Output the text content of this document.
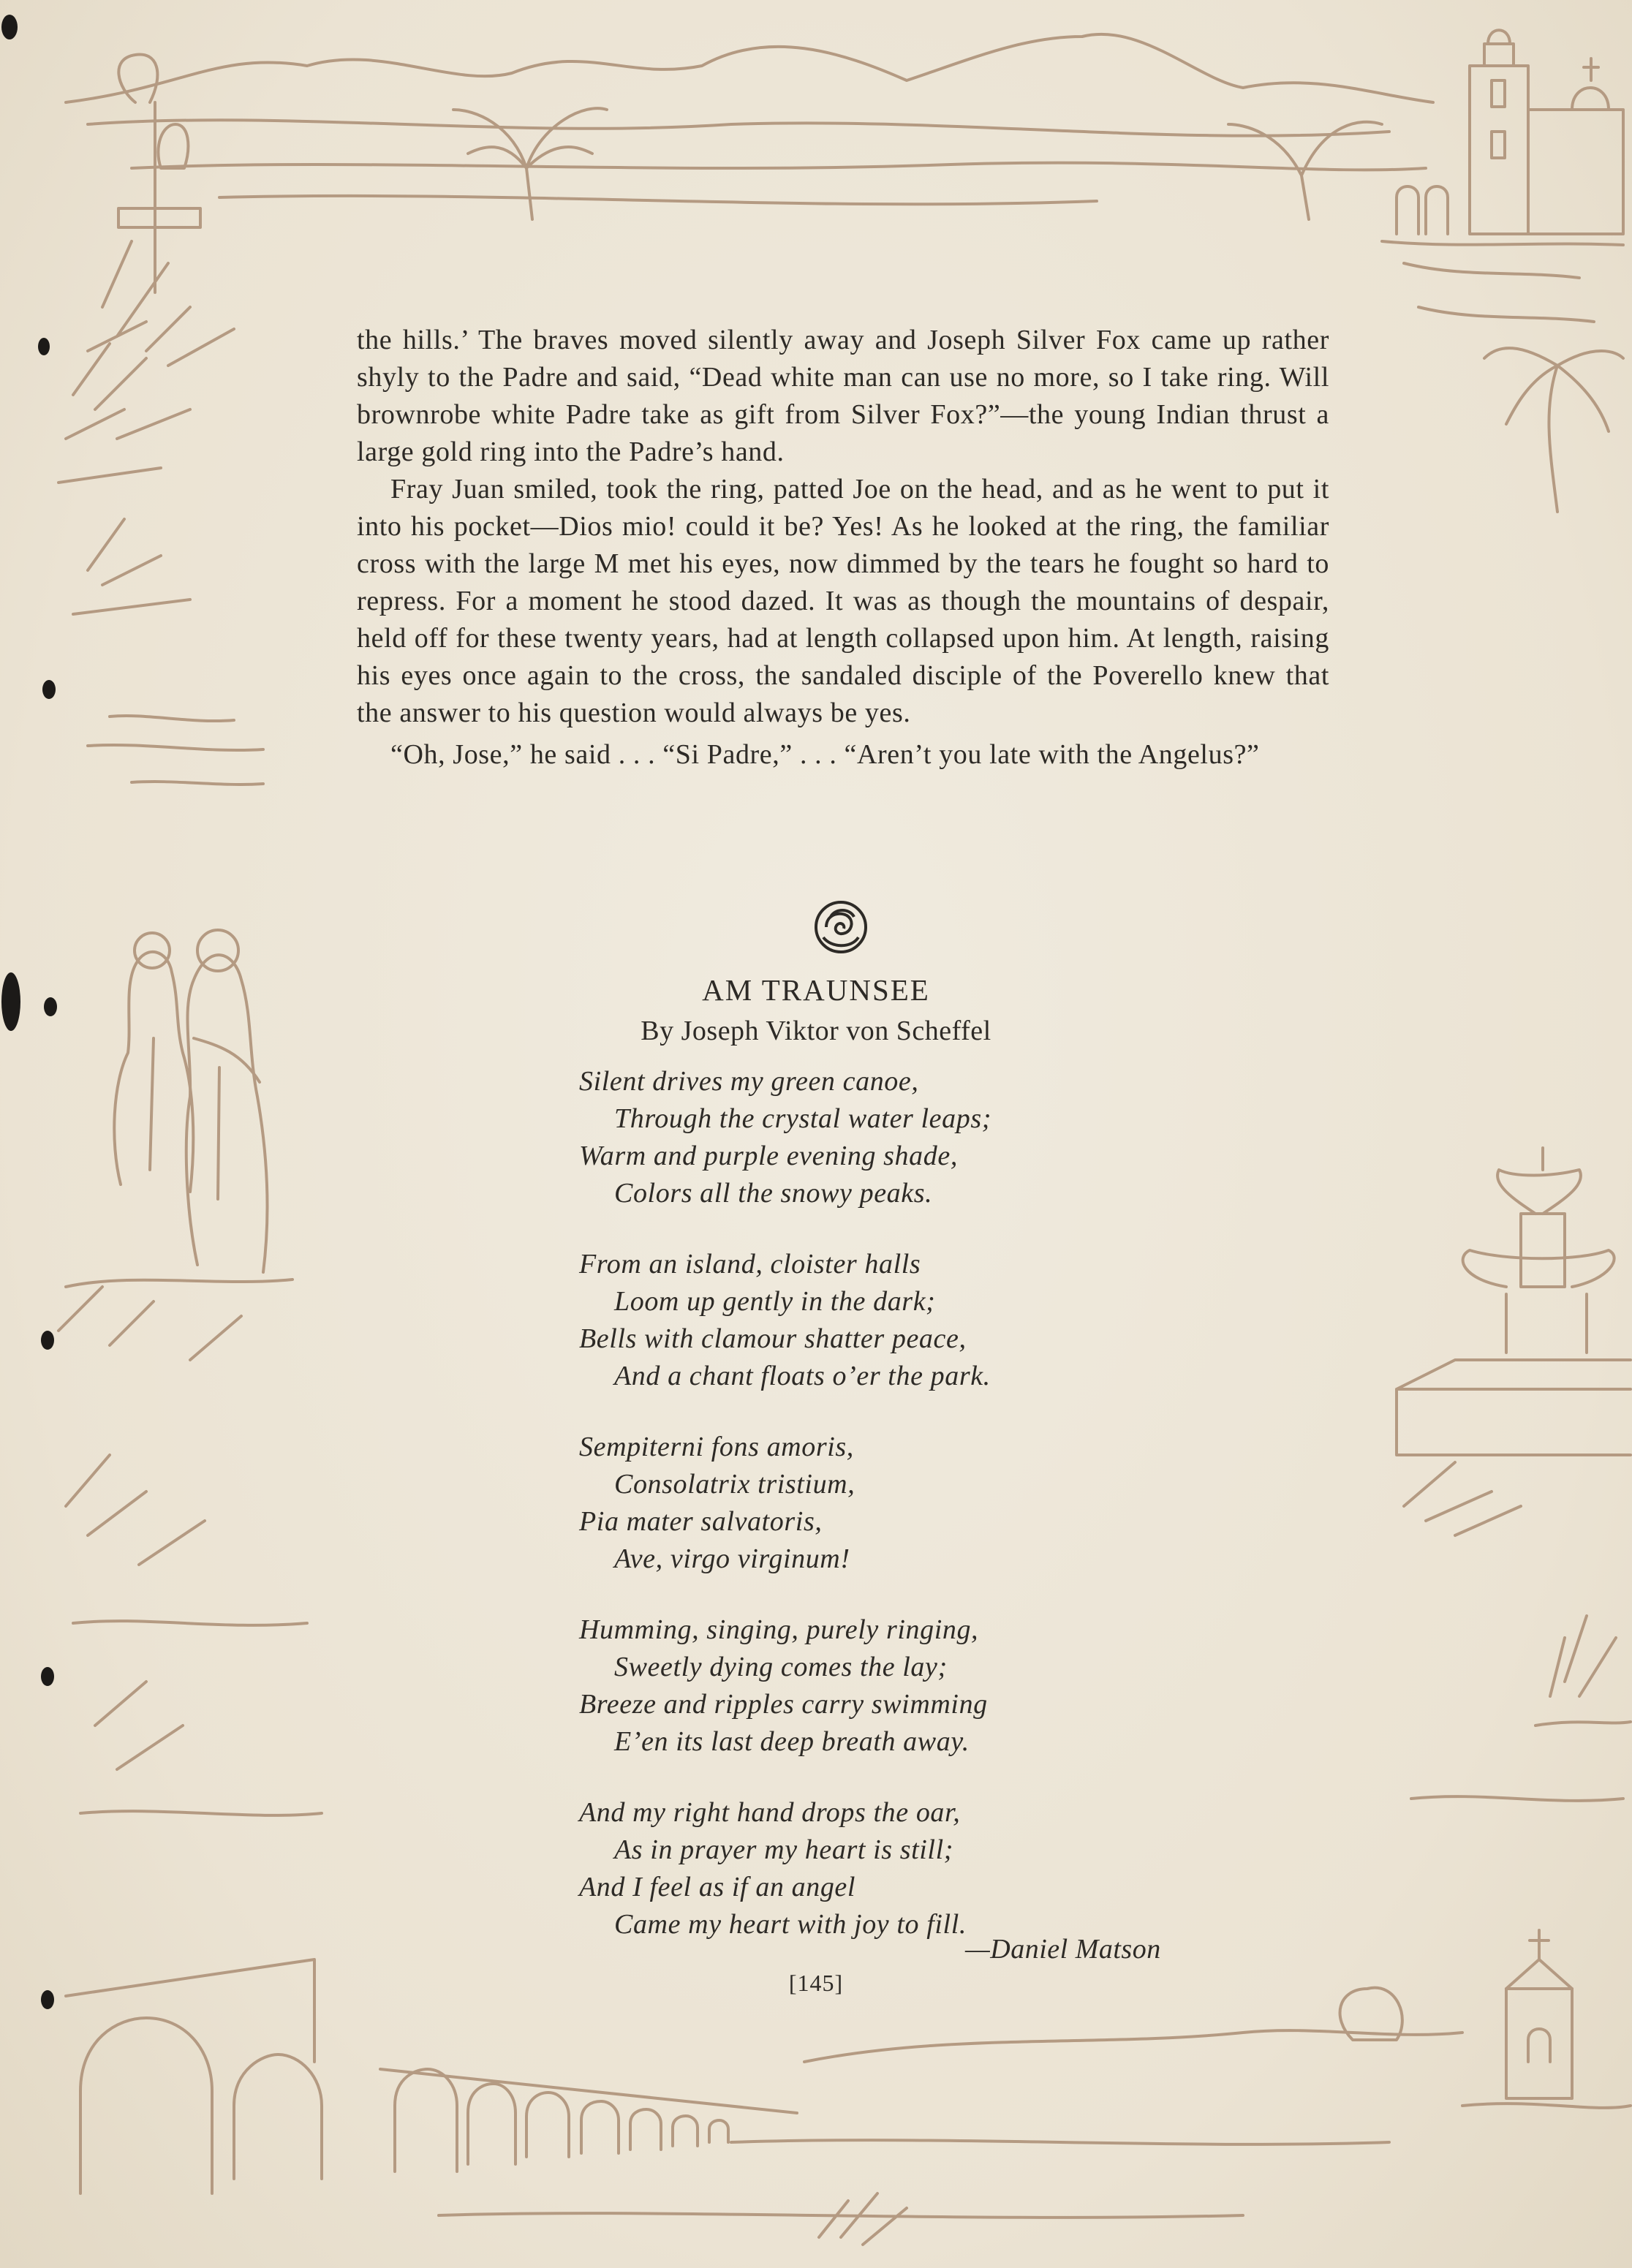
the hills.’ The braves moved silently away and Joseph Silver Fox came up rather shyly to the Padre and said, “Dead white man can use no more, so I take ring. Will brownrobe white Padre take as gift from Silver Fox?”—the young Indian thrust a large gold ring into the Padre’s hand.

Fray Juan smiled, took the ring, patted Joe on the head, and as he went to put it into his pocket—Dios mio! could it be? Yes! As he looked at the ring, the familiar cross with the large M met his eyes, now dimmed by the tears he fought so hard to repress. For a moment he stood dazed. It was as though the mountains of despair, held off for these twenty years, had at length collapsed upon him. At length, raising his eyes once again to the cross, the sandaled disciple of the Poverello knew that the answer to his question would always be yes.

“Oh, Jose,” he said . . . “Si Padre,” . . . “Aren’t you late with the Angelus?”

AM TRAUNSEE
By Joseph Viktor von Scheffel
Silent drives my green canoe,
Through the crystal water leaps;
Warm and purple evening shade,
Colors all the snowy peaks.
From an island, cloister halls
Loom up gently in the dark;
Bells with clamour shatter peace,
And a chant floats o’er the park.
Sempiterni fons amoris,
Consolatrix tristium,
Pia mater salvatoris,
Ave, virgo virginum!
Humming, singing, purely ringing,
Sweetly dying comes the lay;
Breeze and ripples carry swimming
E’en its last deep breath away.
And my right hand drops the oar,
As in prayer my heart is still;
And I feel as if an angel
Came my heart with joy to fill.
—Daniel Matson
[145]
